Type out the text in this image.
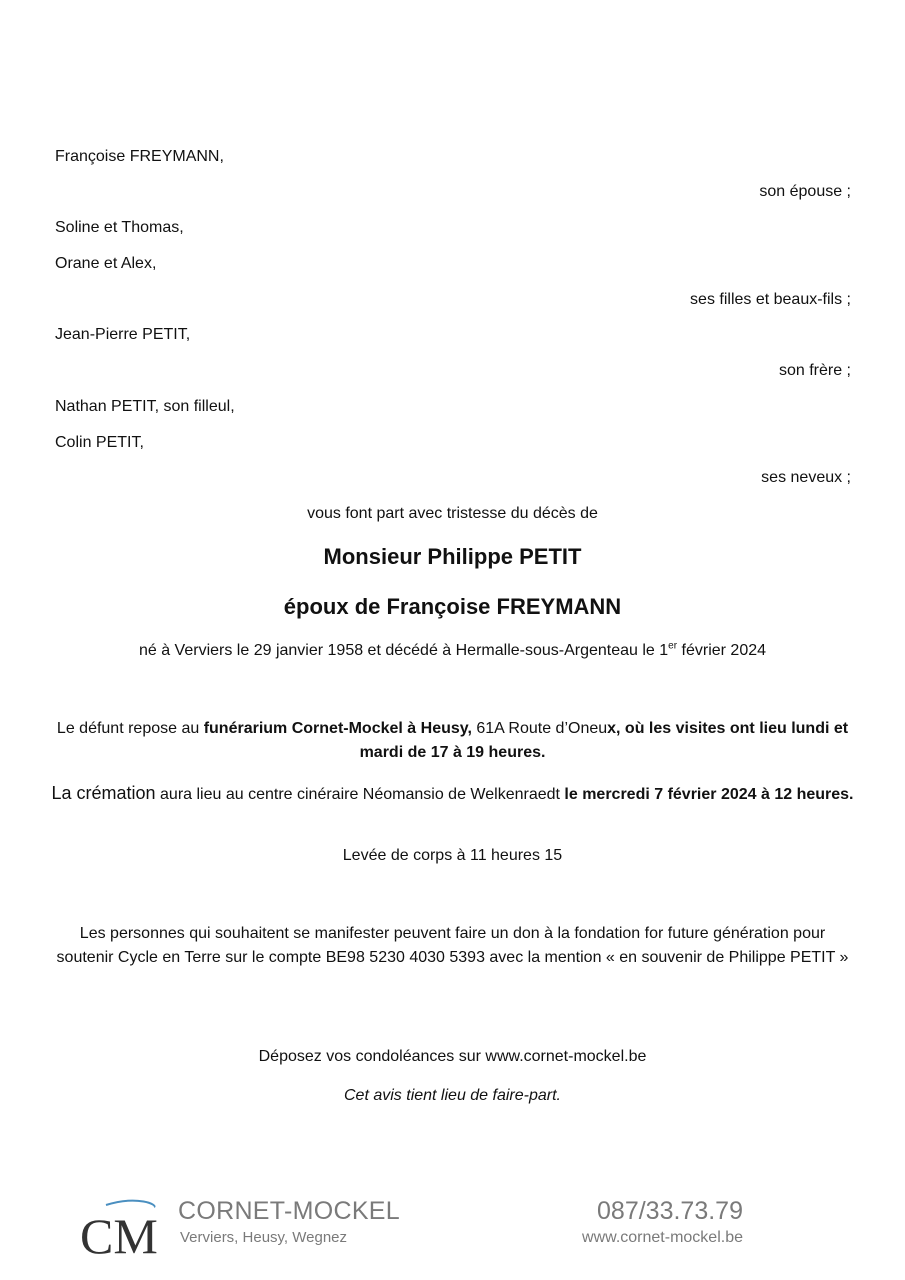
Françoise FREYMANN,
son épouse ;
Soline et Thomas,
Orane et Alex,
ses filles et beaux-fils ;
Jean-Pierre PETIT,
son frère ;
Nathan PETIT, son filleul,
Colin PETIT,
ses neveux ;
vous font part avec tristesse du décès de
Monsieur Philippe PETIT
époux de Françoise FREYMANN
né à Verviers le 29 janvier 1958 et décédé à Hermalle-sous-Argenteau le 1er février 2024
Le défunt repose au funérarium Cornet-Mockel à Heusy, 61A Route d’Oneux, où les visites ont lieu lundi et mardi de 17 à 19 heures.
La crémation aura lieu au centre cinéraire Néomansio de Welkenraedt le mercredi 7 février 2024 à 12 heures.
Levée de corps à 11 heures 15
Les personnes qui souhaitent se manifester peuvent faire un don à la fondation for future génération pour soutenir Cycle en Terre sur le compte BE98 5230 4030 5393 avec la mention « en souvenir de Philippe PETIT »
Déposez vos condoléances sur www.cornet-mockel.be
Cet avis tient lieu de faire-part.
CM CORNET-MOCKEL
Verviers, Heusy, Wegnez
087/33.73.79
www.cornet-mockel.be
